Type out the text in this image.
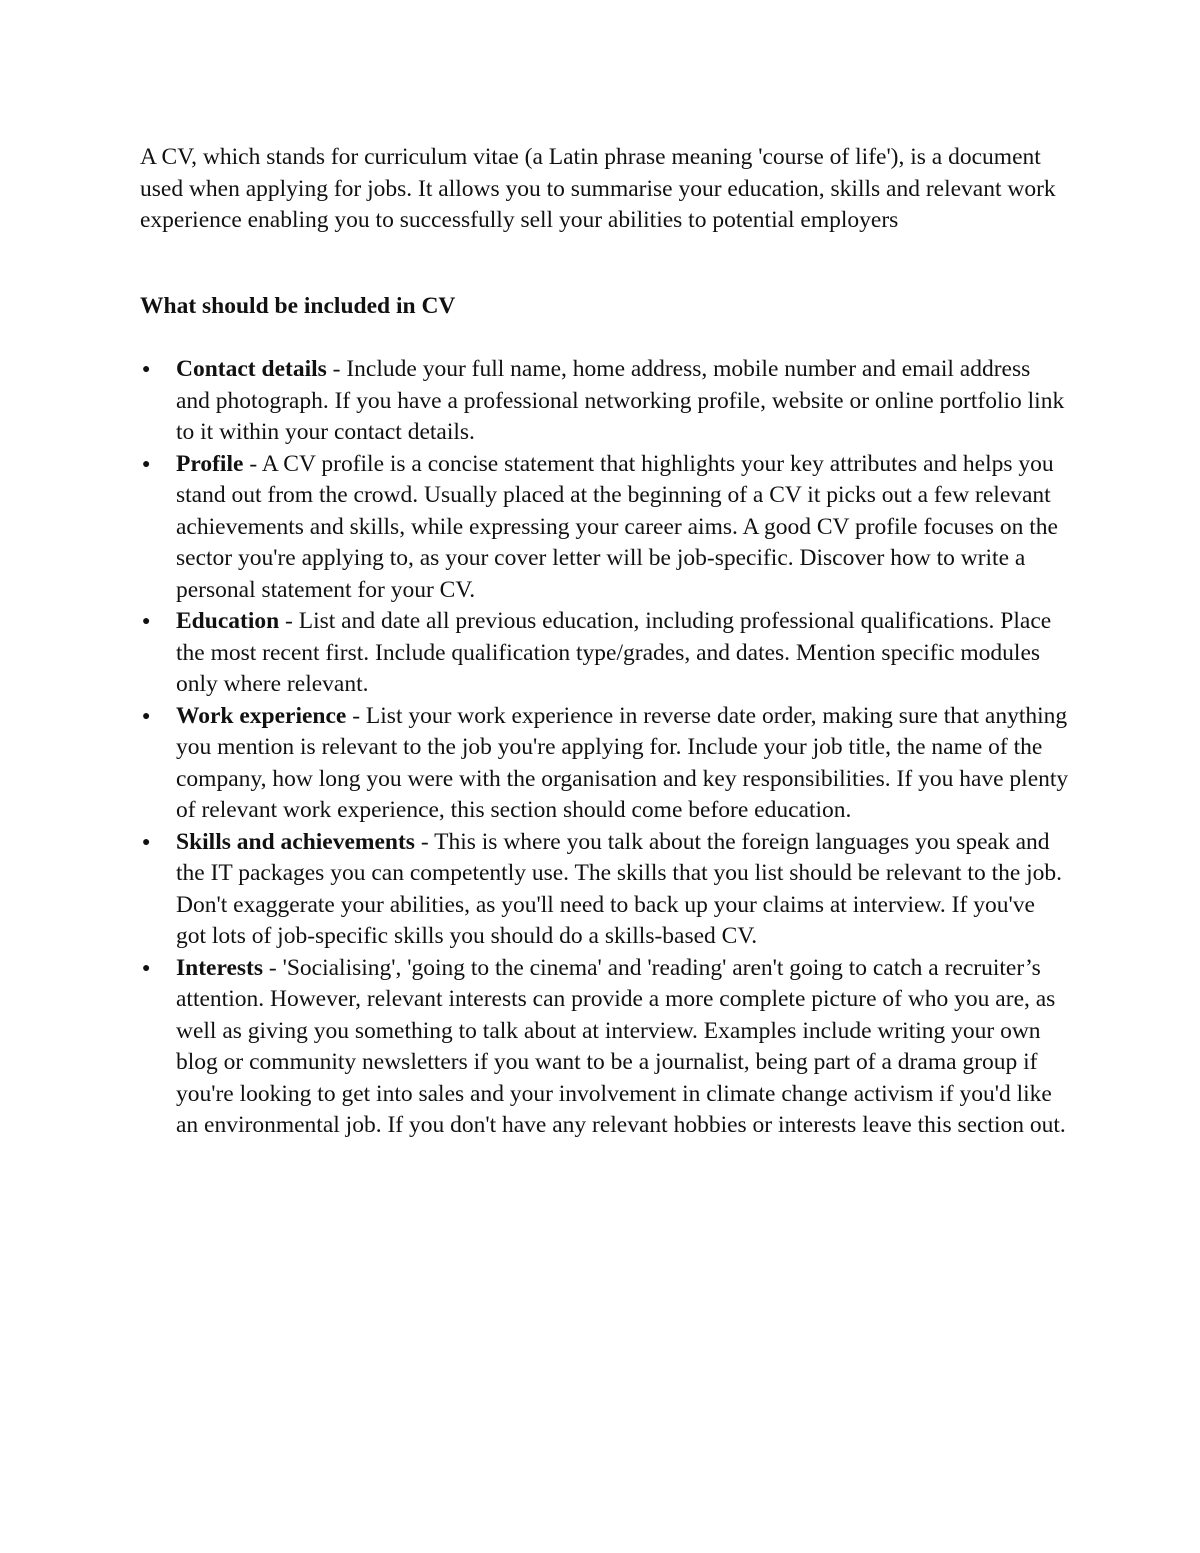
A CV, which stands for curriculum vitae (a Latin phrase meaning 'course of life'), is a document used when applying for jobs. It allows you to summarise your education, skills and relevant work experience enabling you to successfully sell your abilities to potential employers

What should be included in CV

● Contact details - Include your full name, home address, mobile number and email address and photograph. If you have a professional networking profile, website or online portfolio link to it within your contact details.
● Profile - A CV profile is a concise statement that highlights your key attributes and helps you stand out from the crowd. Usually placed at the beginning of a CV it picks out a few relevant achievements and skills, while expressing your career aims. A good CV profile focuses on the sector you're applying to, as your cover letter will be job-specific. Discover how to write a personal statement for your CV.
● Education - List and date all previous education, including professional qualifications. Place the most recent first. Include qualification type/grades, and dates. Mention specific modules only where relevant.
● Work experience - List your work experience in reverse date order, making sure that anything you mention is relevant to the job you're applying for. Include your job title, the name of the company, how long you were with the organisation and key responsibilities. If you have plenty of relevant work experience, this section should come before education.
● Skills and achievements - This is where you talk about the foreign languages you speak and the IT packages you can competently use. The skills that you list should be relevant to the job. Don't exaggerate your abilities, as you'll need to back up your claims at interview. If you've got lots of job-specific skills you should do a skills-based CV.
● Interests - 'Socialising', 'going to the cinema' and 'reading' aren't going to catch a recruiter’s attention. However, relevant interests can provide a more complete picture of who you are, as well as giving you something to talk about at interview. Examples include writing your own blog or community newsletters if you want to be a journalist, being part of a drama group if you're looking to get into sales and your involvement in climate change activism if you'd like an environmental job. If you don't have any relevant hobbies or interests leave this section out.
